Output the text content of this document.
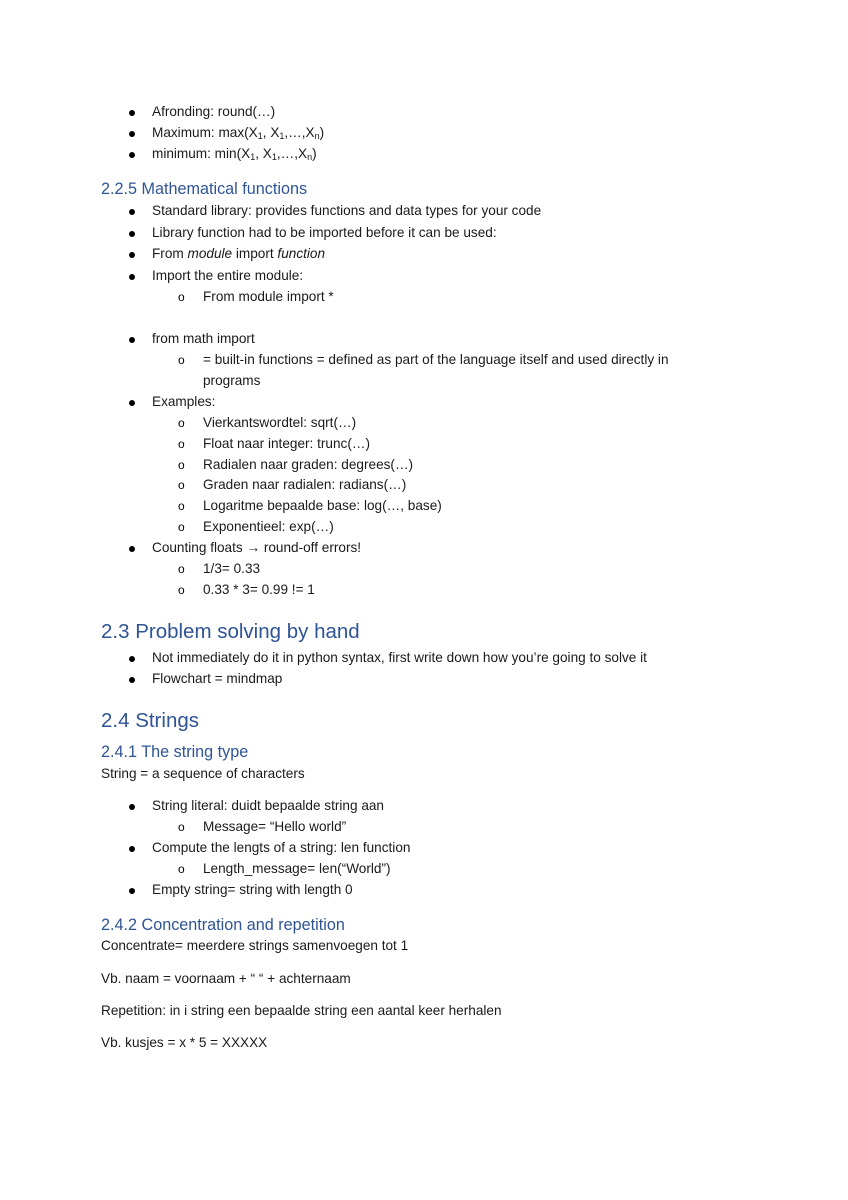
Afronding: round(…)
Maximum: $\max(X_1$, $X_1,\dots,X_n$)
minimum: $\min(X_1$, $X_1,\dots,X_n$)
2.2.5 Mathematical functions
Standard library: provides functions and data types for your code
Library function had to be imported before it can be used:
From module import function
Import the entire module:
o From module import *
from math import
o = built-in functions = defined as part of the language itself and used directly in
programs
Examples:
o Vierkantswordtel: sqrt(…)
o Float naar integer: trunc(…)
o Radialen naar graden: degrees(…)
o Graden naar radialen: radians(…)
o Logaritme bepaalde base: log(…, base)
o Exponentieel: exp(…)
Counting floats → round-off errors!
o 1/3= 0.33
o 0.33 * 3= 0.99 != 1
2.3 Problem solving by hand
Not immediately do it in python syntax, first write down how you’re going to solve it
Flowchart = mindmap
2.4 Strings
2.4.1 The string type
String = a sequence of characters
String literal: duidt bepaalde string aan
o Message= “Hello world”
Compute the lengts of a string: len function
o Length_message= len(“World”)
Empty string= string with length 0
2.4.2 Concentration and repetition
Concentrate= meerdere strings samenvoegen tot 1
Vb. naam = voornaam + “ “ + achternaam
Repetition: in i string een bepaalde string een aantal keer herhalen
Vb. kusjes = x * 5 = XXXXX
